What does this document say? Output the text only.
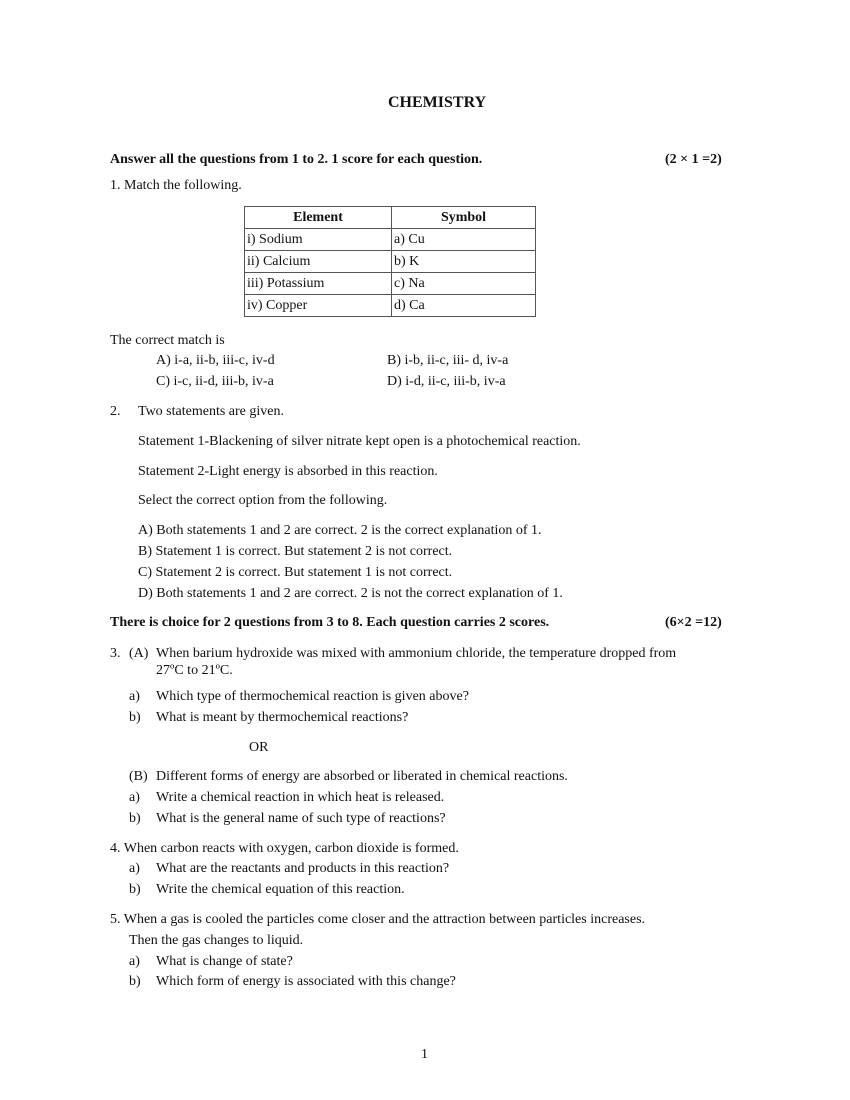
CHEMISTRY
Answer all the questions from 1 to 2. 1 score for each question.	(2 × 1 =2)
1. Match the following.
Element	Symbol
i) Sodium	a) Cu
ii) Calcium	b) K
iii) Potassium	c) Na
iv) Copper	d) Ca
The correct match is
A) i-a, ii-b, iii-c, iv-d	B) i-b, ii-c, iii- d, iv-a
C) i-c, ii-d, iii-b, iv-a	D) i-d, ii-c, iii-b, iv-a
2. Two statements are given.
Statement 1-Blackening of silver nitrate kept open is a photochemical reaction.
Statement 2-Light energy is absorbed in this reaction.
Select the correct option from the following.
A) Both statements 1 and 2 are correct. 2 is the correct explanation of 1.
B) Statement 1 is correct. But statement 2 is not correct.
C) Statement 2 is correct. But statement 1 is not correct.
D) Both statements 1 and 2 are correct. 2 is not the correct explanation of 1.
There is choice for 2 questions from 3 to 8. Each question carries 2 scores.	(6×2 =12)
3. (A) When barium hydroxide was mixed with ammonium chloride, the temperature dropped from
27ºC to 21ºC.
a) Which type of thermochemical reaction is given above?
b) What is meant by thermochemical reactions?
OR
(B) Different forms of energy are absorbed or liberated in chemical reactions.
a) Write a chemical reaction in which heat is released.
b) What is the general name of such type of reactions?
4. When carbon reacts with oxygen, carbon dioxide is formed.
a) What are the reactants and products in this reaction?
b) Write the chemical equation of this reaction.
5. When a gas is cooled the particles come closer and the attraction between particles increases.
Then the gas changes to liquid.
a) What is change of state?
b) Which form of energy is associated with this change?
1
